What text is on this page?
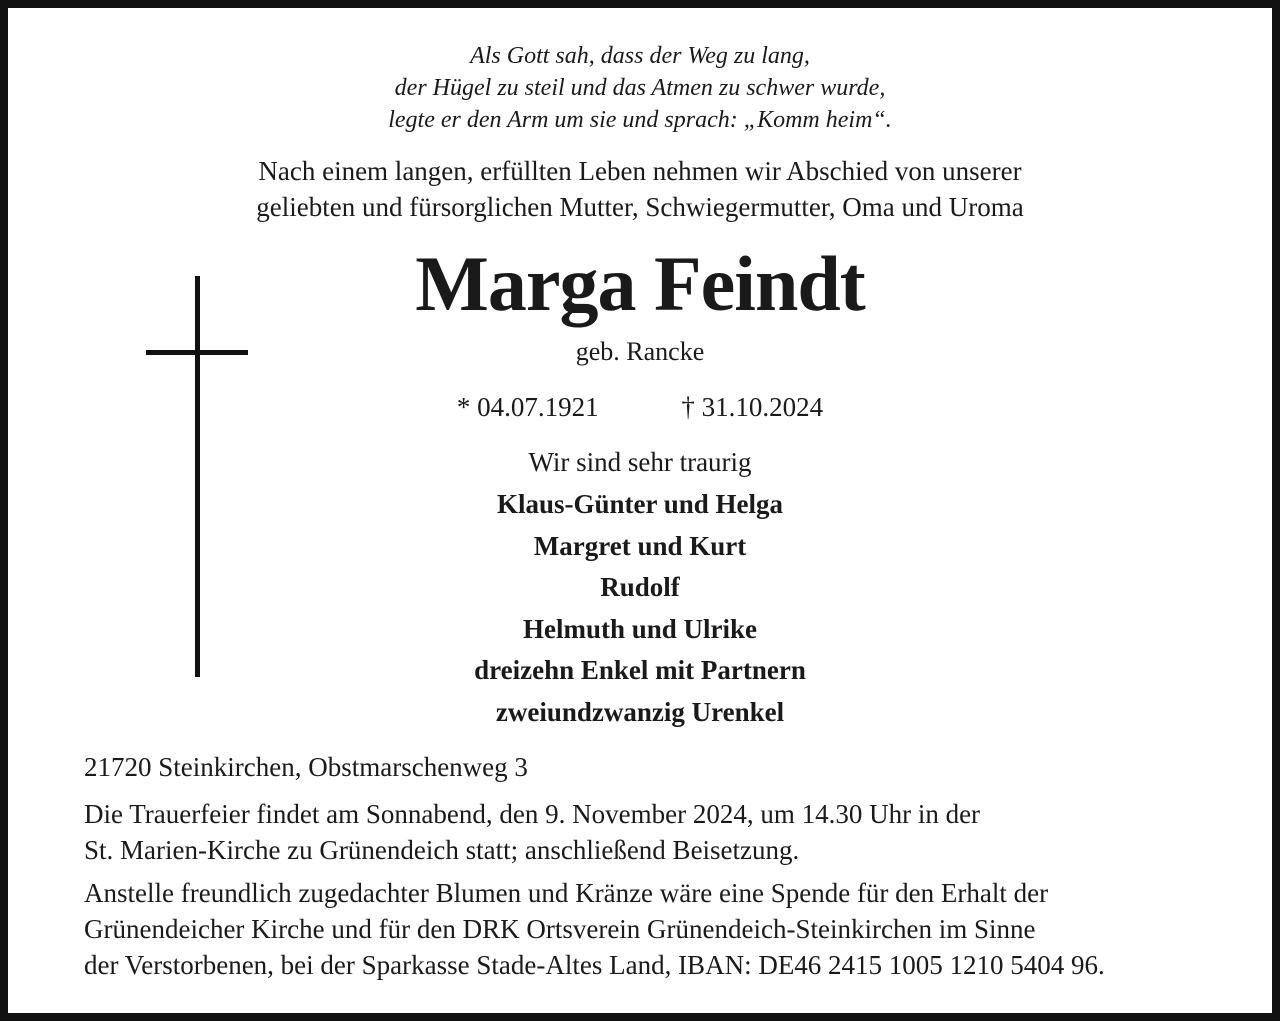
Als Gott sah, dass der Weg zu lang,
der Hügel zu steil und das Atmen zu schwer wurde,
legte er den Arm um sie und sprach: „Komm heim“.
Nach einem langen, erfüllten Leben nehmen wir Abschied von unserer
geliebten und fürsorglichen Mutter, Schwiegermutter, Oma und Uroma
Marga Feindt
geb. Rancke
* 04.07.1921	† 31.10.2024
Wir sind sehr traurig
Klaus-Günter und Helga
Margret und Kurt
Rudolf
Helmuth und Ulrike
dreizehn Enkel mit Partnern
zweiundzwanzig Urenkel
21720 Steinkirchen, Obstmarschenweg 3
Die Trauerfeier findet am Sonnabend, den 9. November 2024, um 14.30 Uhr in der
St. Marien-Kirche zu Grünendeich statt; anschließend Beisetzung.
Anstelle freundlich zugedachter Blumen und Kränze wäre eine Spende für den Erhalt der
Grünendeicher Kirche und für den DRK Ortsverein Grünendeich-Steinkirchen im Sinne
der Verstorbenen, bei der Sparkasse Stade-Altes Land, IBAN: DE46 2415 1005 1210 5404 96.
